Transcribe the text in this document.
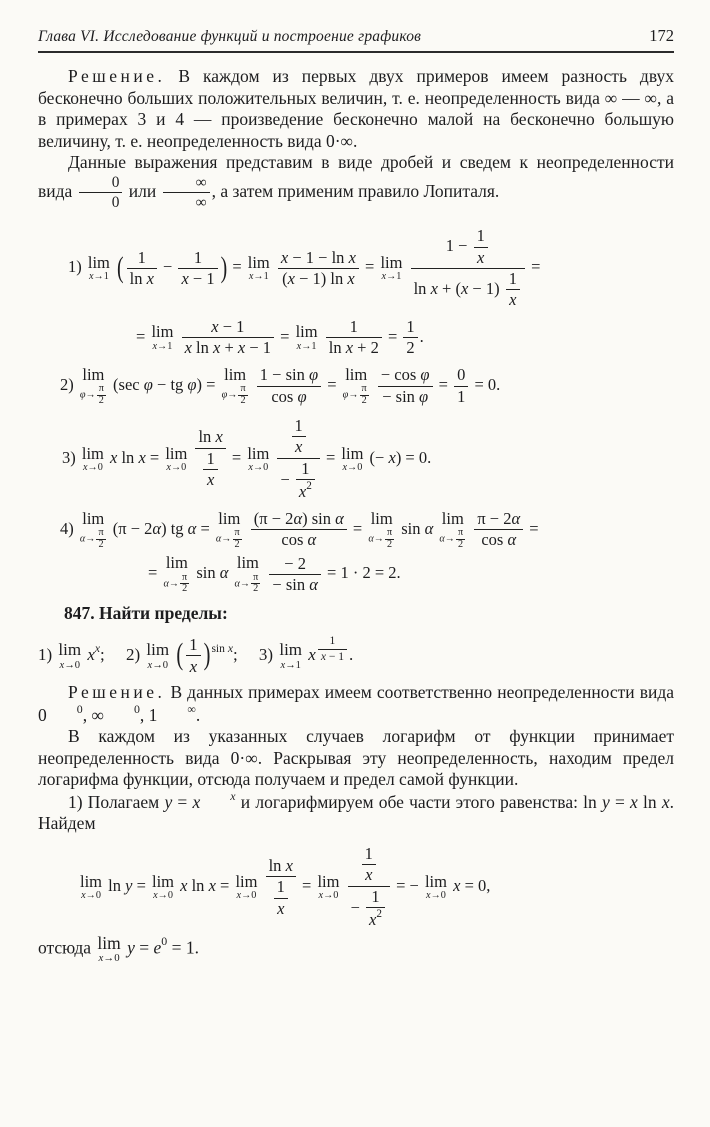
Глава VI. Исследование функций и построение графиков	172

Решение. В каждом из первых двух примеров имеем разность двух бесконечно больших положительных величин, т. е. неопределенность вида ∞ — ∞, а в примерах 3 и 4 — произведение бесконечно малой на бесконечно большую величину, т. е. неопределенность вида 0·∞.

Данные выражения представим в виде дробей и сведем к неопределенности вида $\frac{0}{0}$ или $\frac{\infty}{\infty}$ , а затем применим правило Лопиталя.

1) lim
x→1 ( $\frac{1}{\text{ln x}} - \frac{1}{x - 1}$ ) = lim
x→1
$\frac{\text{x − 1 − ln x}}{\text{(x − 1) ln x}} = \lim$
x→1
$\frac{1 - \frac{1}{x}}{\ln x + (x - 1) \frac{1}{x}}$ =
= lim
x→1
$\frac{x - 1}{\text{x ln x + x − 1}} = \lim$
x→1
$\frac{1}{\text{ln x + 2}} = \frac{1}{2}$ .
2)
lim
$\varphi\to \frac{\pi}{2} (\sec$ φ − tg φ) =
lim
$\varphi\to \frac{\pi}{2}$
$\frac{\text{1 − sin φ}}{\text{cos φ}}$ =
lim
$\varphi\to \frac{\pi}{2}$
$\frac{\text{− cos φ}}{\text{− sin φ}} = \frac{0}{1} = 0$.
3) lim
x→0
x ln x = lim
x→0
$\frac{\text{ln x}}{\frac{1}{x}} = \lim$
x→0
$\frac{\frac{1}{x}}{- \frac{1}{x2}} = \lim$
x→0
(− x) = 0.
4)
lim
$\alpha\to \frac{\pi}{2} (\pi - 2\alpha)$ tg α =
lim
$\alpha\to \frac{\pi}{2}$
$\frac{\text{(π − 2α) sin α}}{\text{cos α}}$ =
lim
$\alpha\to \frac{\pi}{2}$ sin α
lim
$\alpha\to \frac{\pi}{2}$
$\frac{\pi - 2\alpha}{\text{cos α}}$ =
=
lim
$\alpha\to \frac{\pi}{2}$ sin α
lim
$\alpha\to \frac{\pi}{2}$
$\frac{- 2}{\text{− sin α}} = 1 \cdot 2 = 2$.

847. Найти пределы:

1) lim
x→0
xx;  2) lim
x→0 ( $\frac{1}{x} )\sin$ x;  3) lim
x→1
x $\frac{1}{x - 1}$ .

Решение. В данных примерах имеем соответственно неопределенности вида 0	0, ∞	0, 1	∞.

В каждом из указанных случаев логарифм от функции принимает неопределенность вида 0·∞. Раскрывая эту неопределенность, находим предел логарифма функции, отсюда получаем и предел самой функции.

1) Полагаем y = x	x и логарифмируем обе части этого равенства: ln y = x ln x. Найдем

lim
x→0
ln y = lim
x→0
x ln x = lim
x→0
$\frac{\text{ln x}}{\frac{1}{x}} = \lim$
x→0
$\frac{\frac{1}{x}}{- \frac{1}{x2}}$ = − lim
x→0
x = 0,

отсюда lim
x→0
y = e0 = 1.
